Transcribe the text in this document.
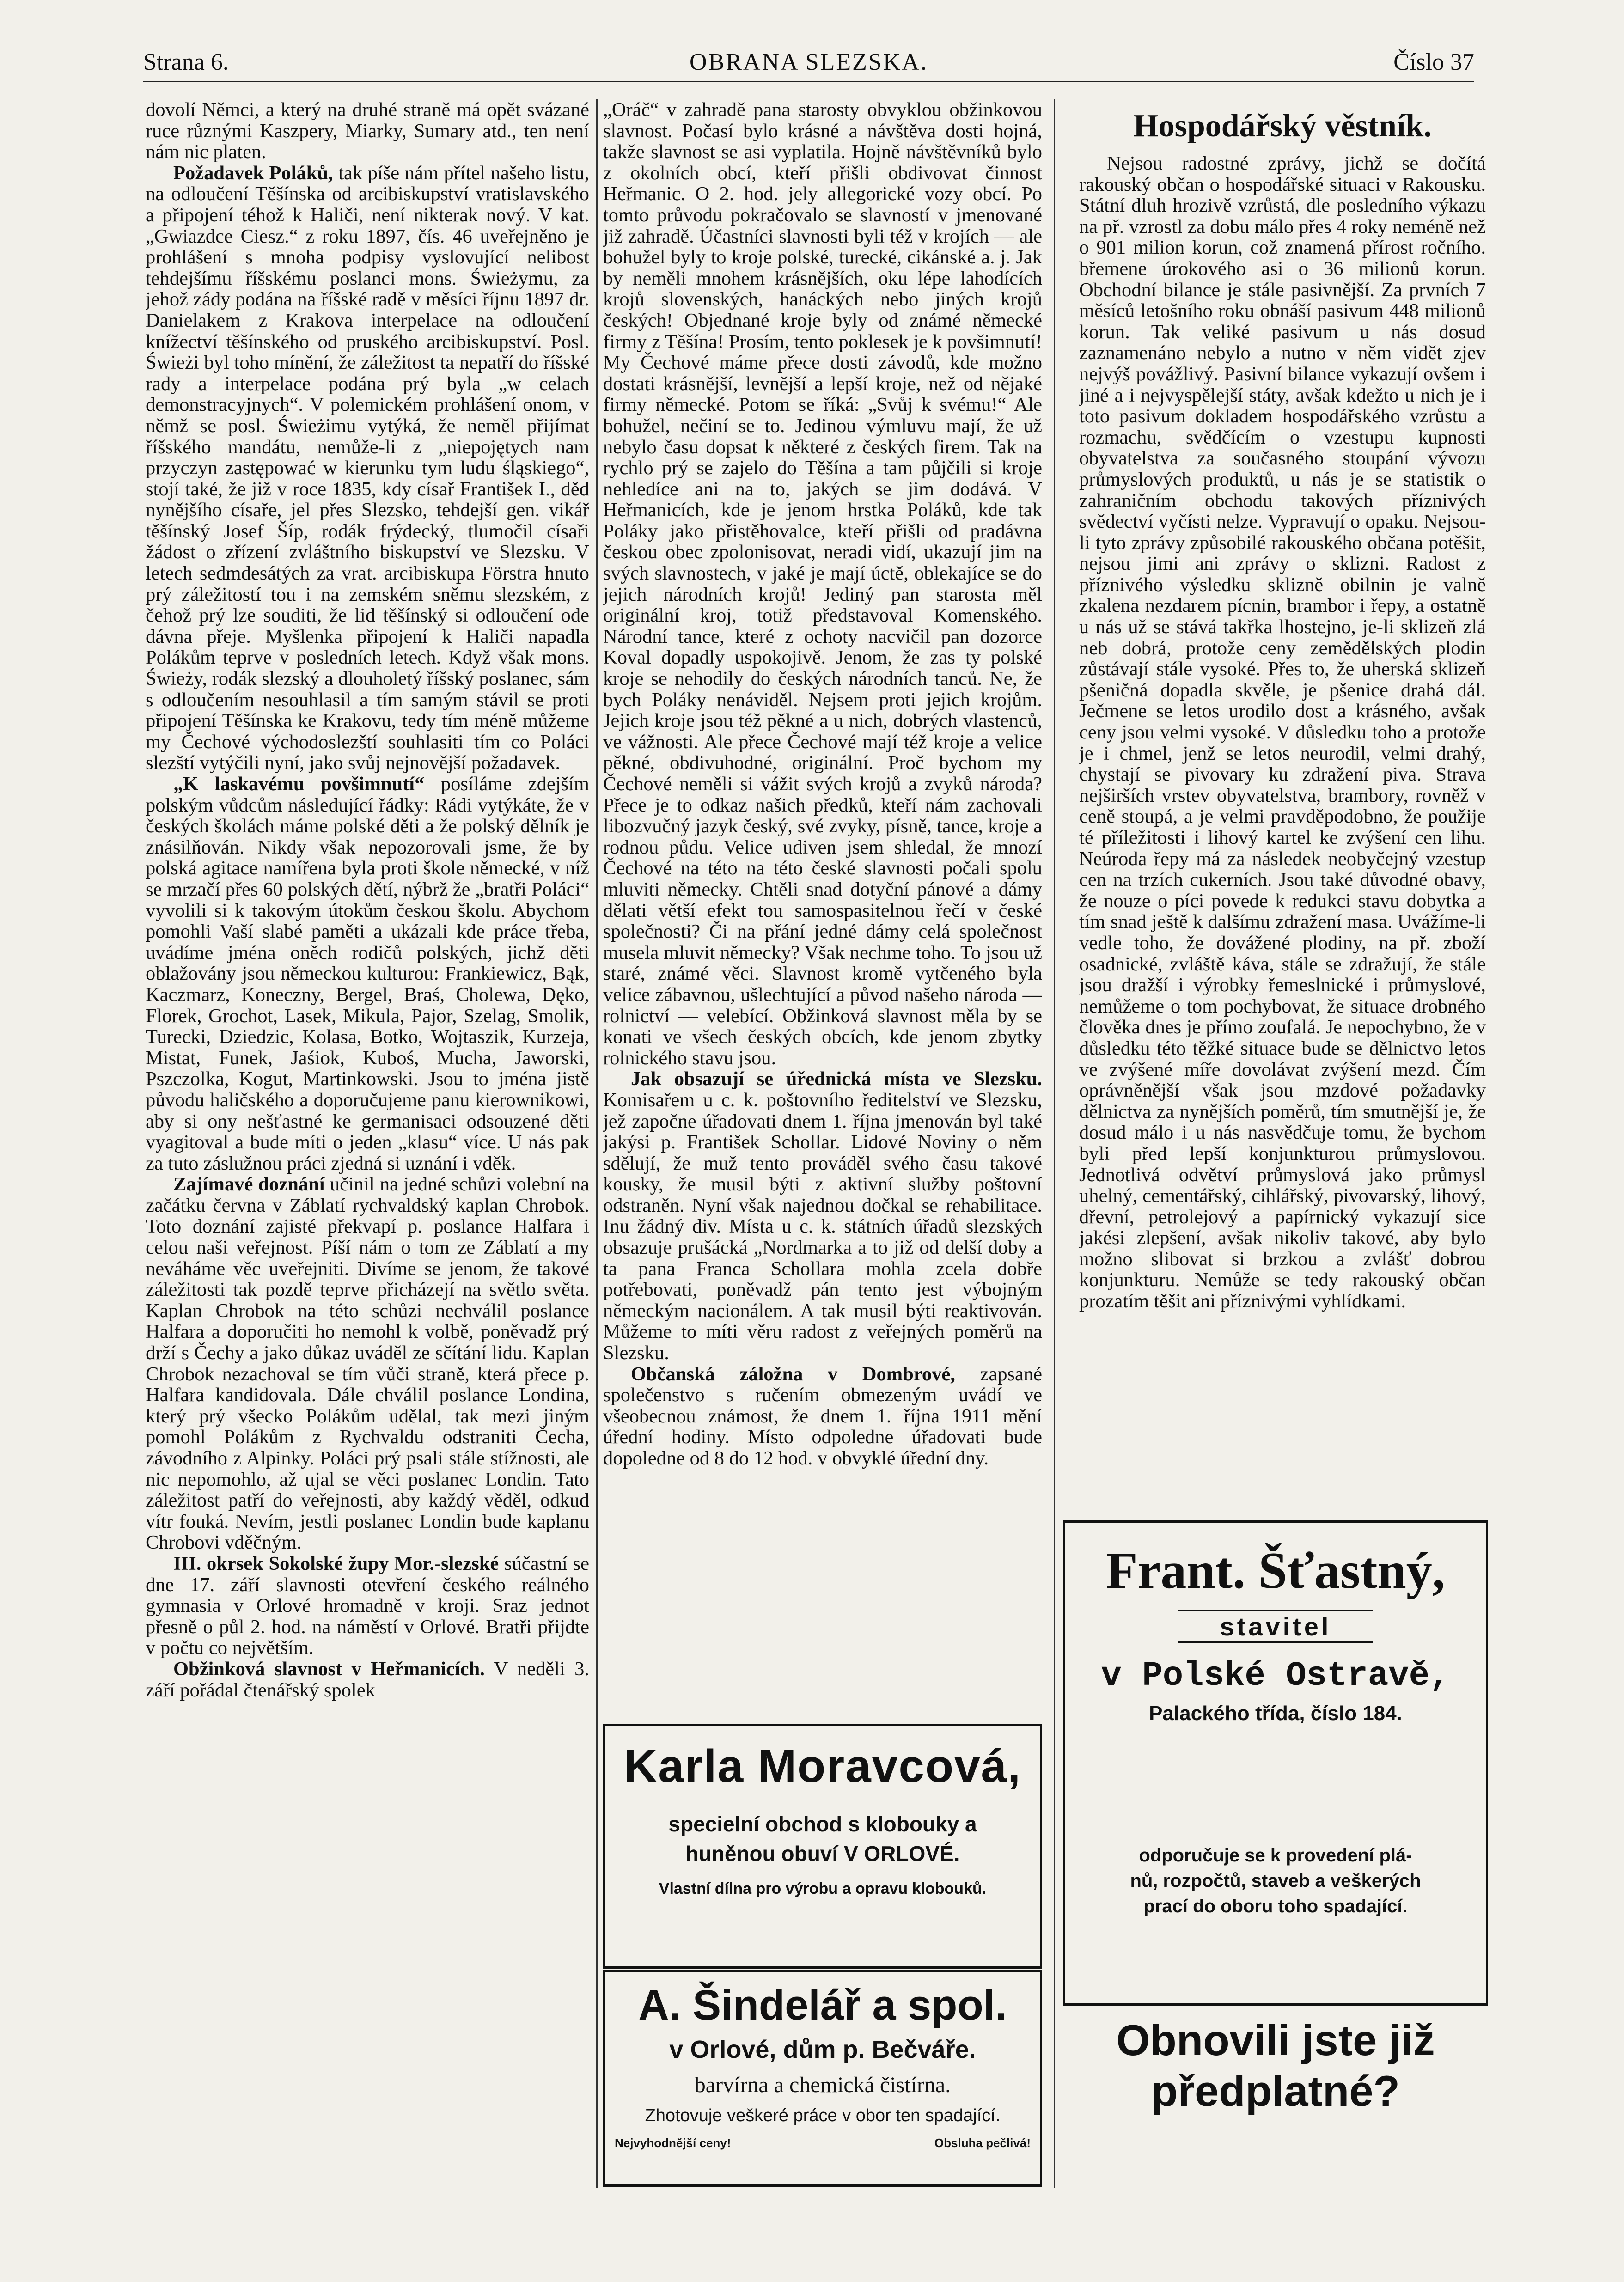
Strana 6.	OBRANA SLEZSKA.	Číslo 37

dovolí Němci, a který na druhé straně má opět svázané ruce různými Kaszpery, Miarky, Sumary atd., ten není nám nic platen.

Požadavek Poláků, tak píše nám přítel našeho listu, na odloučení Těšínska od arcibiskupství vratislavského a připojení téhož k Haliči, není nikterak nový. V kat. „Gwiazdce Ciesz.“ z roku 1897, čís. 46 uveřejněno je prohlášení s mnoha podpisy vyslovující nelibost tehdejšímu říšskému poslanci mons. Świeżymu, za jehož zády podána na říšské radě v měsíci říjnu 1897 dr. Danielakem z Krakova interpelace na odloučení knížectví těšínského od pruského arcibiskupství. Posl. Świeżi byl toho mínění, že záležitost ta nepatří do říšské rady a interpelace podána prý byla „w celach demonstracyjnych“. V polemickém prohlášení onom, v němž se posl. Świeżimu vytýká, že neměl přijímat říšského mandátu, nemůže-li z „niepojętych nam przyczyn zastępować w kierunku tym ludu śląskiego“, stojí také, že již v roce 1835, kdy císař František I., děd nynějšího císaře, jel přes Slezsko, tehdejší gen. vikář těšínský Josef Šíp, rodák frýdecký, tlumočil císaři žádost o zřízení zvláštního biskupství ve Slezsku. V letech sedmdesátých za vrat. arcibiskupa Förstra hnuto prý záležitostí tou i na zemském sněmu slezském, z čehož prý lze souditi, že lid těšínský si odloučení ode dávna přeje. Myšlenka připojení k Haliči napadla Polákům teprve v posledních letech. Když však mons. Świeży, rodák slezský a dlouholetý říšský poslanec, sám s odloučením nesouhlasil a tím samým stávil se proti připojení Těšínska ke Krakovu, tedy tím méně můžeme my Čechové východoslezští souhlasiti tím co Poláci slezští vytýčili nyní, jako svůj nejnovější požadavek.

„K laskavému povšimnutí“ posíláme zdejším polským vůdcům následující řádky: Rádi vytýkáte, že v českých školách máme polské děti a že polský dělník je znásilňován. Nikdy však nepozorovali jsme, že by polská agitace namířena byla proti škole německé, v níž se mrzačí přes 60 polských dětí, nýbrž že „bratři Poláci“ vyvolili si k takovým útokům českou školu. Abychom pomohli Vaší slabé paměti a ukázali kde práce třeba, uvádíme jména oněch rodičů polských, jichž děti oblažovány jsou německou kulturou: Frankiewicz, Bąk, Kaczmarz, Koneczny, Bergel, Braś, Cholewa, Dęko, Florek, Grochot, Lasek, Mikula, Pajor, Szelag, Smolik, Turecki, Dziedzic, Kolasa, Botko, Wojtaszik, Kurzeja, Mistat, Funek, Jaśiok, Kuboś, Mucha, Jaworski, Pszczolka, Kogut, Martinkowski. Jsou to jména jistě původu haličského a doporučujeme panu kierownikowi, aby si ony nešťastné ke germanisaci odsouzené děti vyagitoval a bude míti o jeden „klasu“ více. U nás pak za tuto záslužnou práci zjedná si uznání i vděk.

Zajímavé doznání učinil na jedné schůzi volební na začátku června v Záblatí rychvaldský kaplan Chrobok. Toto doznání zajisté překvapí p. poslance Halfara i celou naši veřejnost. Píší nám o tom ze Záblatí a my neváháme věc uveřejniti. Divíme se jenom, že takové záležitosti tak pozdě teprve přicházejí na světlo světa. Kaplan Chrobok na této schůzi nechválil poslance Halfara a doporučiti ho nemohl k volbě, poněvadž prý drží s Čechy a jako důkaz uváděl ze sčítání lidu. Kaplan Chrobok nezachoval se tím vůči straně, která přece p. Halfara kandidovala. Dále chválil poslance Londina, který prý všecko Polákům udělal, tak mezi jiným pomohl Polákům z Rychvaldu odstraniti Čecha, závodního z Alpinky. Poláci prý psali stále stížnosti, ale nic nepomohlo, až ujal se věci poslanec Londin. Tato záležitost patří do veřejnosti, aby každý věděl, odkud vítr fouká. Nevím, jestli poslanec Londin bude kaplanu Chrobovi vděčným.

III. okrsek Sokolské župy Mor.-slezské súčastní se dne 17. září slavnosti otevření českého reálného gymnasia v Orlové hromadně v kroji. Sraz jednot přesně o půl 2. hod. na náměstí v Orlové. Bratři přijdte v počtu co největším.

Obžinková slavnost v Heřmanicích. V neděli 3. září pořádal čtenářský spolek

„Oráč“ v zahradě pana starosty obvyklou obžinkovou slavnost. Počasí bylo krásné a návštěva dosti hojná, takže slavnost se asi vyplatila. Hojně návštěvníků bylo z okolních obcí, kteří přišli obdivovat činnost Heřmanic. O 2. hod. jely allegorické vozy obcí. Po tomto průvodu pokračovalo se slavností v jmenované již zahradě. Účastníci slavnosti byli též v krojích — ale bohužel byly to kroje polské, turecké, cikánské a. j. Jak by neměli mnohem krásnějších, oku lépe lahodících krojů slovenských, hanáckých nebo jiných krojů českých! Objednané kroje byly od známé německé firmy z Těšína! Prosím, tento poklesek je k povšimnutí! My Čechové máme přece dosti závodů, kde možno dostati krásnější, levnější a lepší kroje, než od nějaké firmy německé. Potom se říká: „Svůj k svému!“ Ale bohužel, nečiní se to. Jedinou výmluvu mají, že už nebylo času dopsat k některé z českých firem. Tak na rychlo prý se zajelo do Těšína a tam půjčili si kroje nehledíce ani na to, jakých se jim dodává. V Heřmanicích, kde je jenom hrstka Poláků, kde tak Poláky jako přistěhovalce, kteří přišli od pradávna českou obec zpolonisovat, neradi vidí, ukazují jim na svých slavnostech, v jaké je mají úctě, oblekajíce se do jejich národních krojů! Jediný pan starosta měl originální kroj, totiž představoval Komenského. Národní tance, které z ochoty nacvičil pan dozorce Koval dopadly uspokojivě. Jenom, že zas ty polské kroje se nehodily do českých národních tanců. Ne, že bych Poláky nenáviděl. Nejsem proti jejich krojům. Jejich kroje jsou též pěkné a u nich, dobrých vlastenců, ve vážnosti. Ale přece Čechové mají též kroje a velice pěkné, obdivuhodné, originální. Proč bychom my Čechové neměli si vážit svých krojů a zvyků národa? Přece je to odkaz našich předků, kteří nám zachovali libozvučný jazyk český, své zvyky, písně, tance, kroje a rodnou půdu. Velice udiven jsem shledal, že mnozí Čechové na této na této české slavnosti počali spolu mluviti německy. Chtěli snad dotyční pánové a dámy dělati větší efekt tou samospasitelnou řečí v české společnosti? Či na přání jedné dámy celá společnost musela mluvit německy? Však nechme toho. To jsou už staré, známé věci. Slavnost kromě vytčeného byla velice zábavnou, ušlechtující a původ našeho národa — rolnictví — velebící. Obžinková slavnost měla by se konati ve všech českých obcích, kde jenom zbytky rolnického stavu jsou.

Jak obsazují se úřednická místa ve Slezsku. Komisařem u c. k. poštovního ředitelství ve Slezsku, jež započne úřadovati dnem 1. října jmenován byl také jakýsi p. František Schollar. Lidové Noviny o něm sdělují, že muž tento prováděl svého času takové kousky, že musil býti z aktivní služby poštovní odstraněn. Nyní však najednou dočkal se rehabilitace. Inu žádný div. Místa u c. k. státních úřadů slezských obsazuje prušácká „Nordmarka a to již od delší doby a ta pana Franca Schollara mohla zcela dobře potřebovati, poněvadž pán tento jest výbojným německým nacionálem. A tak musil býti reaktivován. Můžeme to míti věru radost z veřejných poměrů na Slezsku.

Občanská záložna v Dombrové, zapsané společenstvo s ručením obmezeným uvádí ve všeobecnou známost, že dnem 1. října 1911 mění úřední hodiny. Místo odpoledne úřadovati bude dopoledne od 8 do 12 hod. v obvyklé úřední dny.

Hospodářský věstník.

Nejsou radostné zprávy, jichž se dočítá rakouský občan o hospodářské situaci v Rakousku. Státní dluh hrozivě vzrůstá, dle posledního výkazu na př. vzrostl za dobu málo přes 4 roky neméně než o 901 milion korun, což znamená přírost ročního. břemene úrokového asi o 36 milionů korun. Obchodní bilance je stále pasivnější. Za prvních 7 měsíců letošního roku obnáší pasivum 448 milionů korun. Tak veliké pasivum u nás dosud zaznamenáno nebylo a nutno v něm vidět zjev nejvýš povážlivý. Pasivní bilance vykazují ovšem i jiné a i nejvyspělejší státy, avšak kdežto u nich je i toto pasivum dokladem hospodářského vzrůstu a rozmachu, svědčícím o vzestupu kupnosti obyvatelstva za současného stoupání vývozu průmyslových produktů, u nás je se statistik o zahraničním obchodu takových příznivých svědectví vyčísti nelze. Vypravují o opaku. Nejsou-li tyto zprávy způsobilé rakouského občana potěšit, nejsou jimi ani zprávy o sklizni. Radost z příznivého výsledku sklizně obilnin je valně zkalena nezdarem pícnin, brambor i řepy, a ostatně u nás už se stává takřka lhostejno, je-li sklizeň zlá neb dobrá, protože ceny zemědělských plodin zůstávají stále vysoké. Přes to, že uherská sklizeň pšeničná dopadla skvěle, je pšenice drahá dál. Ječmene se letos urodilo dost a krásného, avšak ceny jsou velmi vysoké. V důsledku toho a protože je i chmel, jenž se letos neurodil, velmi drahý, chystají se pivovary ku zdražení piva. Strava nejširších vrstev obyvatelstva, brambory, rovněž v ceně stoupá, a je velmi pravděpodobno, že použije té příležitosti i lihový kartel ke zvýšení cen lihu. Neúroda řepy má za následek neobyčejný vzestup cen na trzích cukerních. Jsou také důvodné obavy, že nouze o píci povede k redukci stavu dobytka a tím snad ještě k dalšímu zdražení masa. Uvážíme-li vedle toho, že dovážené plodiny, na př. zboží osadnické, zvláště káva, stále se zdražují, že stále jsou dražší i výrobky řemeslnické i průmyslové, nemůžeme o tom pochybovat, že situace drobného člověka dnes je přímo zoufalá. Je nepochybno, že v důsledku této těžké situace bude se dělnictvo letos ve zvýšené míře dovolávat zvýšení mezd. Čím oprávněnější však jsou mzdové požadavky dělnictva za nynějších poměrů, tím smutnější je, že dosud málo i u nás nasvědčuje tomu, že bychom byli před lepší konjunkturou průmyslovou. Jednotlivá odvětví průmyslová jako průmysl uhelný, cementářský, cihlářský, pivovarský, lihový, dřevní, petrolejový a papírnický vykazují sice jakési zlepšení, avšak nikoliv takové, aby bylo možno slibovat si brzkou a zvlášť dobrou konjunkturu. Nemůže se tedy rakouský občan prozatím těšit ani příznivými vyhlídkami.

Karla Moravcová,
specielní obchod s klobouky a
huněnou obuví V ORLOVÉ.
Vlastní dílna pro výrobu a opravu klobouků.
A. Šindelář a spol.
v Orlové, dům p. Bečváře.
barvírna a chemická čistírna.
Zhotovuje veškeré práce v obor ten spadající.
Nejvyhodnější ceny!	Obsluha pečlivá!
Frant. Šťastný,
stavitel
v Polské Ostravě,
Palackého třída, číslo 184.
odporučuje se k provedení plá-
nů, rozpočtů, staveb a veškerých
prací do oboru toho spadající.
Obnovili jste již
předplatné?
